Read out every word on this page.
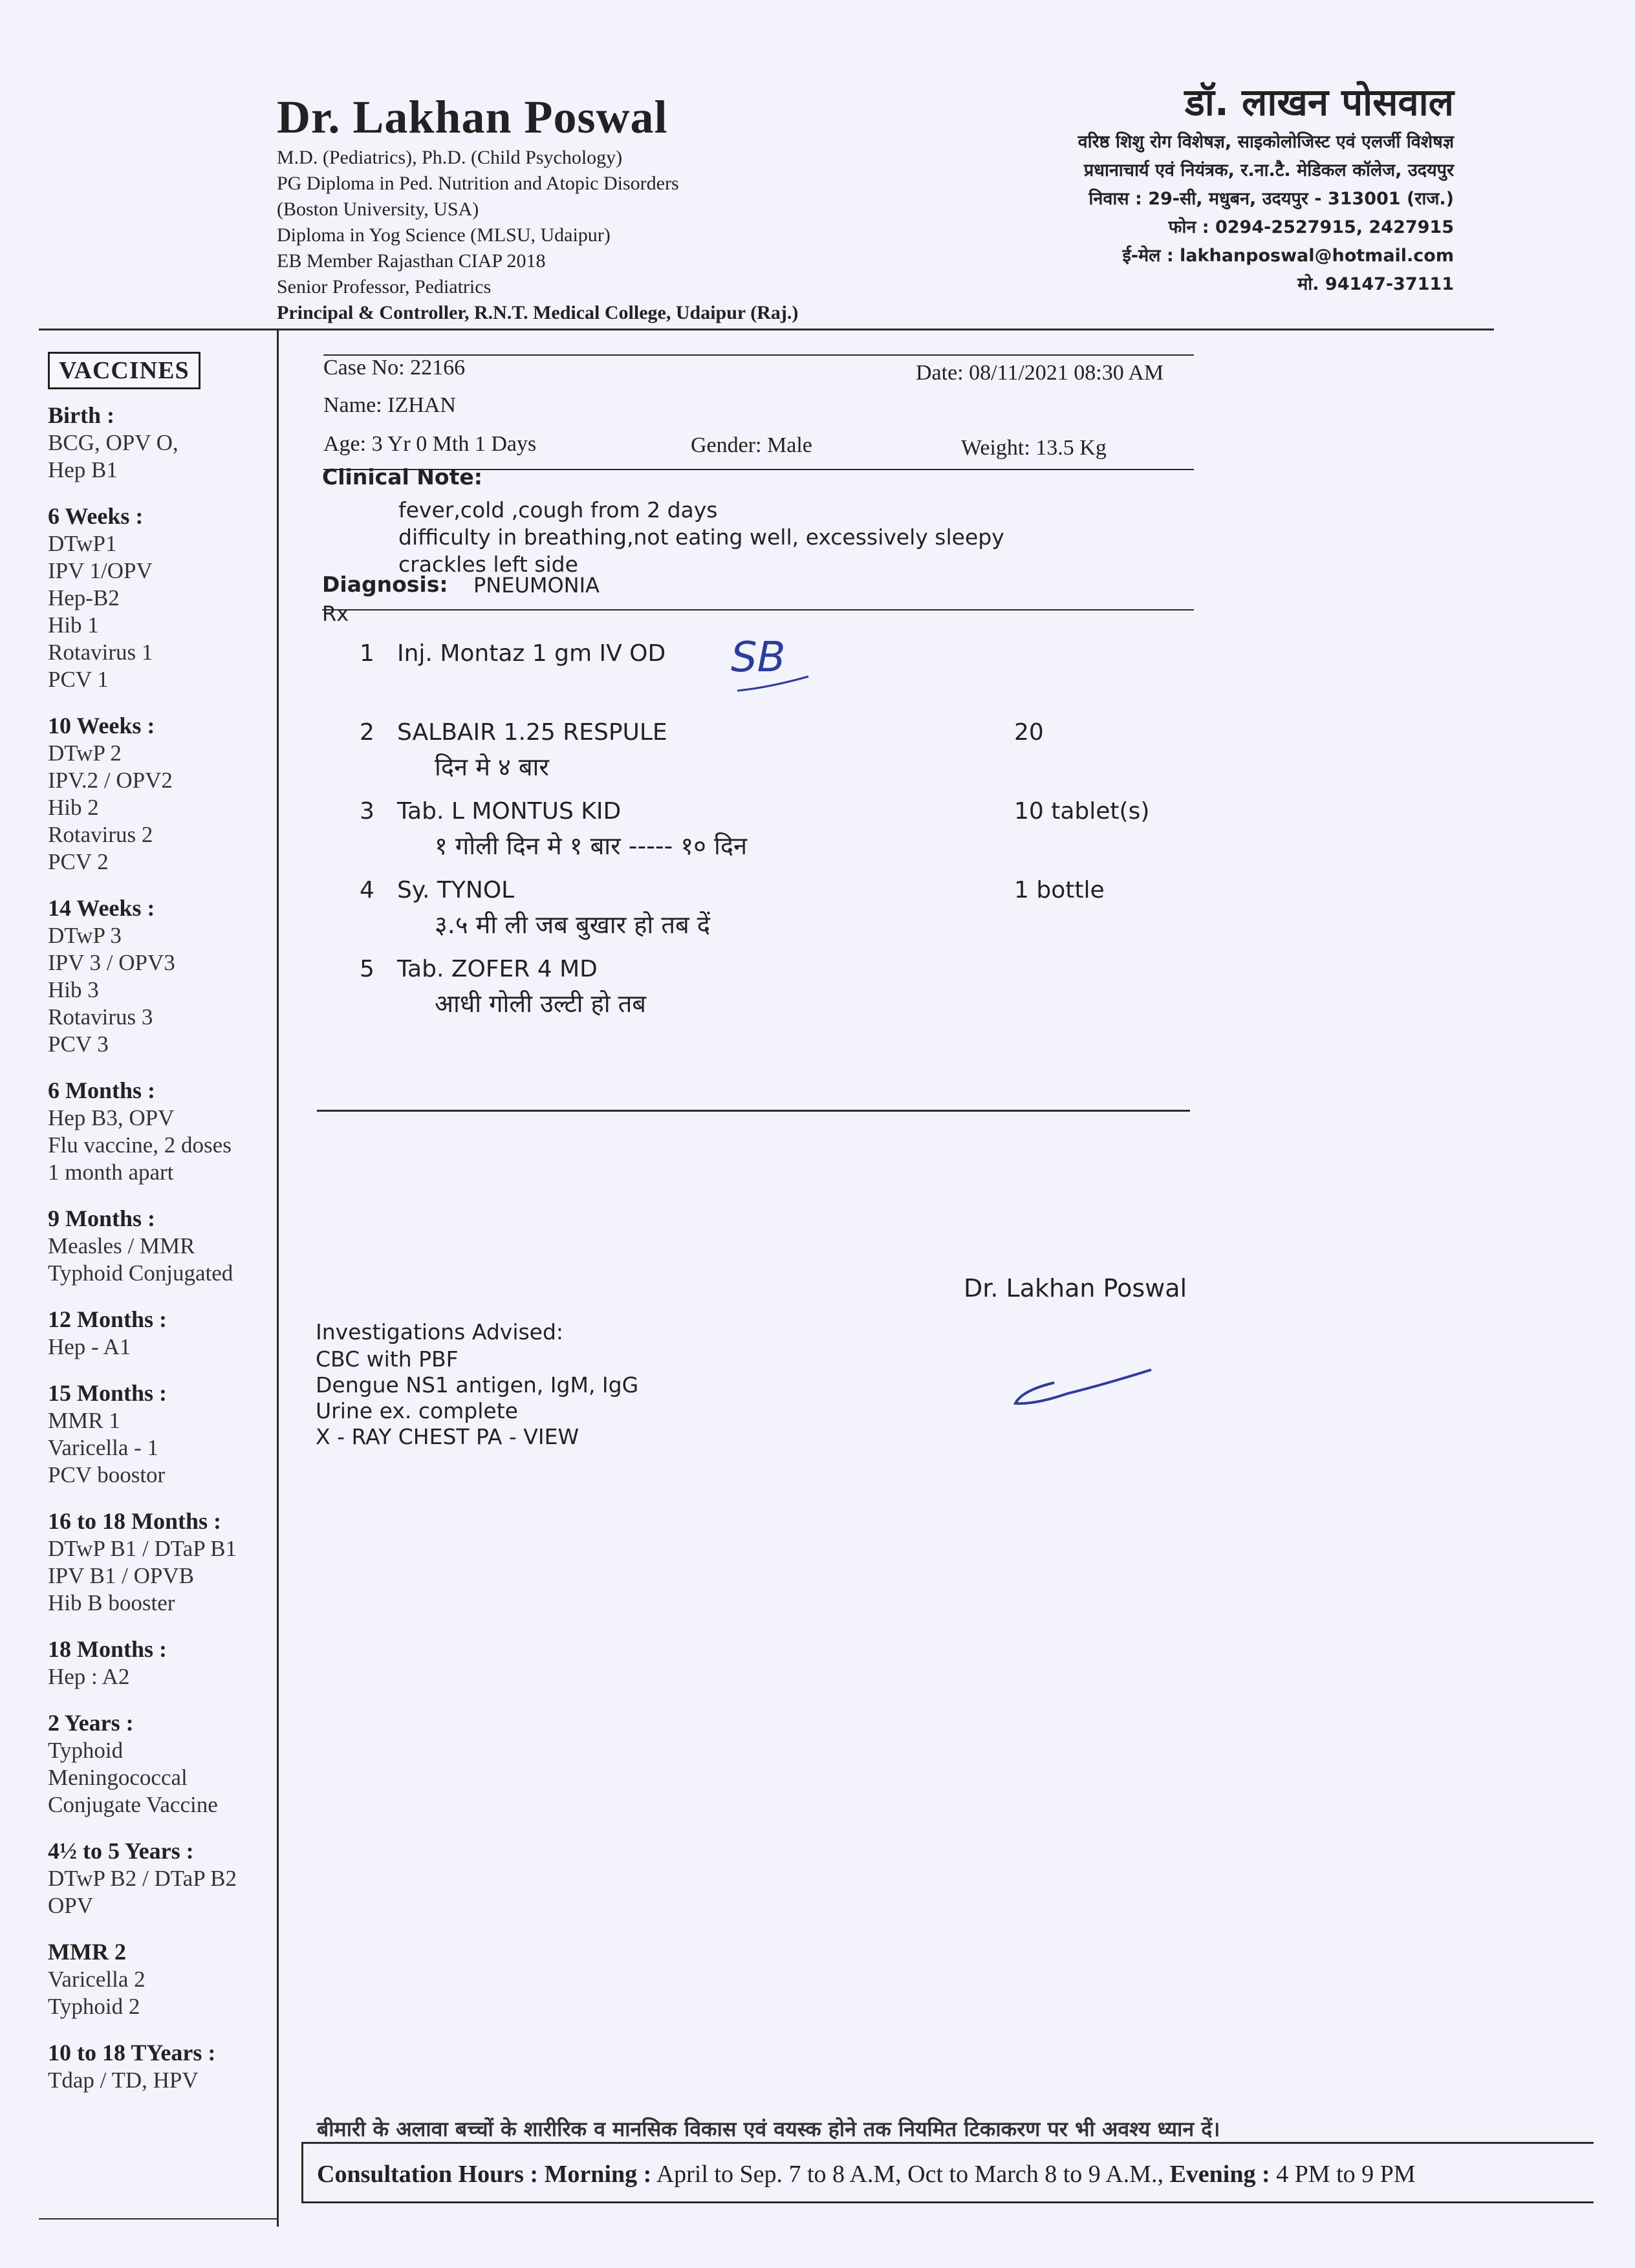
Dr. Lakhan Poswal
M.D. (Pediatrics), Ph.D. (Child Psychology)
PG Diploma in Ped. Nutrition and Atopic Disorders
(Boston University, USA)
Diploma in Yog Science (MLSU, Udaipur)
EB Member Rajasthan CIAP 2018
Senior Professor, Pediatrics
Principal & Controller, R.N.T. Medical College, Udaipur (Raj.)
डॉ. लाखन पोसवाल
वरिष्ठ शिशु रोग विशेषज्ञ, साइकोलोजिस्ट एवं एलर्जी विशेषज्ञ
प्रधानाचार्य एवं नियंत्रक, र.ना.टै. मेडिकल कॉलेज, उदयपुर
निवास : 29-सी, मधुबन, उदयपुर - 313001 (राज.)
फोन : 0294-2527915, 2427915
ई-मेल : lakhanposwal@hotmail.com
मो. 94147-37111
VACCINES
Birth :
BCG, OPV O,
Hep B1
6 Weeks :
DTwP1
IPV 1/OPV
Hep-B2
Hib 1
Rotavirus 1
PCV 1
10 Weeks :
DTwP 2
IPV.2 / OPV2
Hib 2
Rotavirus 2
PCV 2
14 Weeks :
DTwP 3
IPV 3 / OPV3
Hib 3
Rotavirus 3
PCV 3
6 Months :
Hep B3, OPV
Flu vaccine, 2 doses
1 month apart
9 Months :
Measles / MMR
Typhoid Conjugated
12 Months :
Hep - A1
15 Months :
MMR 1
Varicella - 1
PCV boostor
16 to 18 Months :
DTwP B1 / DTaP B1
IPV B1 / OPVB
Hib B booster
18 Months :
Hep : A2
2 Years :
Typhoid
Meningococcal
Conjugate Vaccine
4½ to 5 Years :
DTwP B2 / DTaP B2
OPV
MMR 2
Varicella 2
Typhoid 2
10 to 18 TYears :
Tdap / TD, HPV
Case No: 22166	Date: 08/11/2021 08:30 AM
Name: IZHAN
Age: 3 Yr 0 Mth 1 Days	Gender: Male	Weight: 13.5 Kg
Clinical Note:
fever,cold ,cough from 2 days
difficulty in breathing,not eating well, excessively sleepy
crackles left side
Diagnosis: PNEUMONIA
Rx
1 Inj. Montaz 1 gm IV OD	SB
2 SALBAIR 1.25 RESPULE	20
दिन मे ४ बार
3 Tab. L MONTUS KID	10 tablet(s)
१ गोली दिन मे १ बार ----- १० दिन
4 Sy. TYNOL	1 bottle
३.५ मी ली जब बुखार हो तब दें
5 Tab. ZOFER 4 MD
आधी गोली उल्टी हो तब
Dr. Lakhan Poswal
Investigations Advised:
CBC with PBF
Dengue NS1 antigen, IgM, IgG
Urine ex. complete
X - RAY CHEST PA - VIEW
बीमारी के अलावा बच्चों के शारीरिक व मानसिक विकास एवं वयस्क होने तक नियमित टिकाकरण पर भी अवश्य ध्यान दें।
Consultation Hours : Morning : April to Sep. 7 to 8 A.M, Oct to March 8 to 9 A.M., Evening : 4 PM to 9 PM
